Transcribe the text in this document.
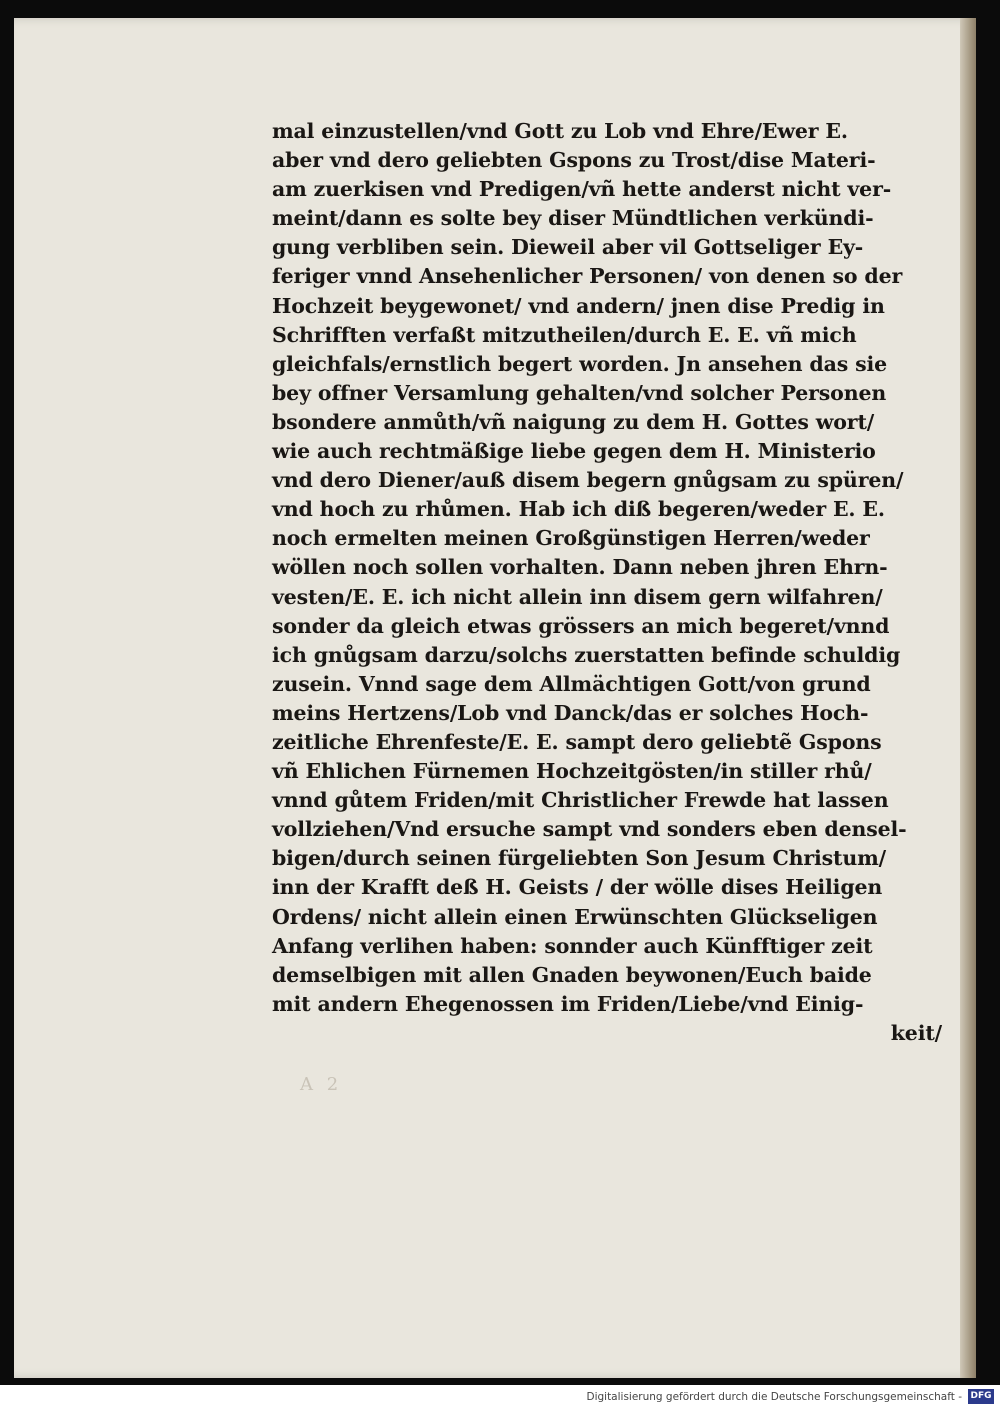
mal einzustellen/vnd Gott zu Lob vnd Ehre/Ewer E.
aber vnd dero geliebten Gspons zu Trost/dise Materi-
am zuerkisen vnd Predigen/vñ hette anderst nicht ver-
meint/dann es solte bey diser Mündtlichen verkündi-
gung verbliben sein. Dieweil aber vil Gottseliger Ey-
feriger vnnd Ansehenlicher Personen/ von denen so der
Hochzeit beygewonet/ vnd andern/ jnen dise Predig in
Schrifften verfaßt mitzutheilen/durch E. E. vñ mich
gleichfals/ernstlich begert worden. Jn ansehen das sie
bey offner Versamlung gehalten/vnd solcher Personen
bsondere anmůth/vñ naigung zu dem H. Gottes wort/
wie auch rechtmäßige liebe gegen dem H. Ministerio
vnd dero Diener/auß disem begern gnůgsam zu spüren/
vnd hoch zu rhůmen. Hab ich diß begeren/weder E. E.
noch ermelten meinen Großgünstigen Herren/weder
wöllen noch sollen vorhalten. Dann neben jhren Ehrn-
vesten/E. E. ich nicht allein inn disem gern wilfahren/
sonder da gleich etwas grössers an mich begeret/vnnd
ich gnůgsam darzu/solchs zuerstatten befinde schuldig
zusein. Vnnd sage dem Allmächtigen Gott/von grund
meins Hertzens/Lob vnd Danck/das er solches Hoch-
zeitliche Ehrenfeste/E. E. sampt dero geliebtẽ Gspons
vñ Ehlichen Fürnemen Hochzeitgösten/in stiller rhů/
vnnd gůtem Friden/mit Christlicher Frewde hat lassen
vollziehen/Vnd ersuche sampt vnd sonders eben densel-
bigen/durch seinen fürgeliebten Son Jesum Christum/
inn der Krafft deß H. Geists / der wölle dises Heiligen
Ordens/ nicht allein einen Erwünschten Glückseligen
Anfang verlihen haben: sonnder auch Künfftiger zeit
demselbigen mit allen Gnaden beywonen/Euch baide
mit andern Ehegenossen im Friden/Liebe/vnd Einig-
keit/
A 2
Digitalisierung gefördert durch die Deutsche Forschungsgemeinschaft - DFG
